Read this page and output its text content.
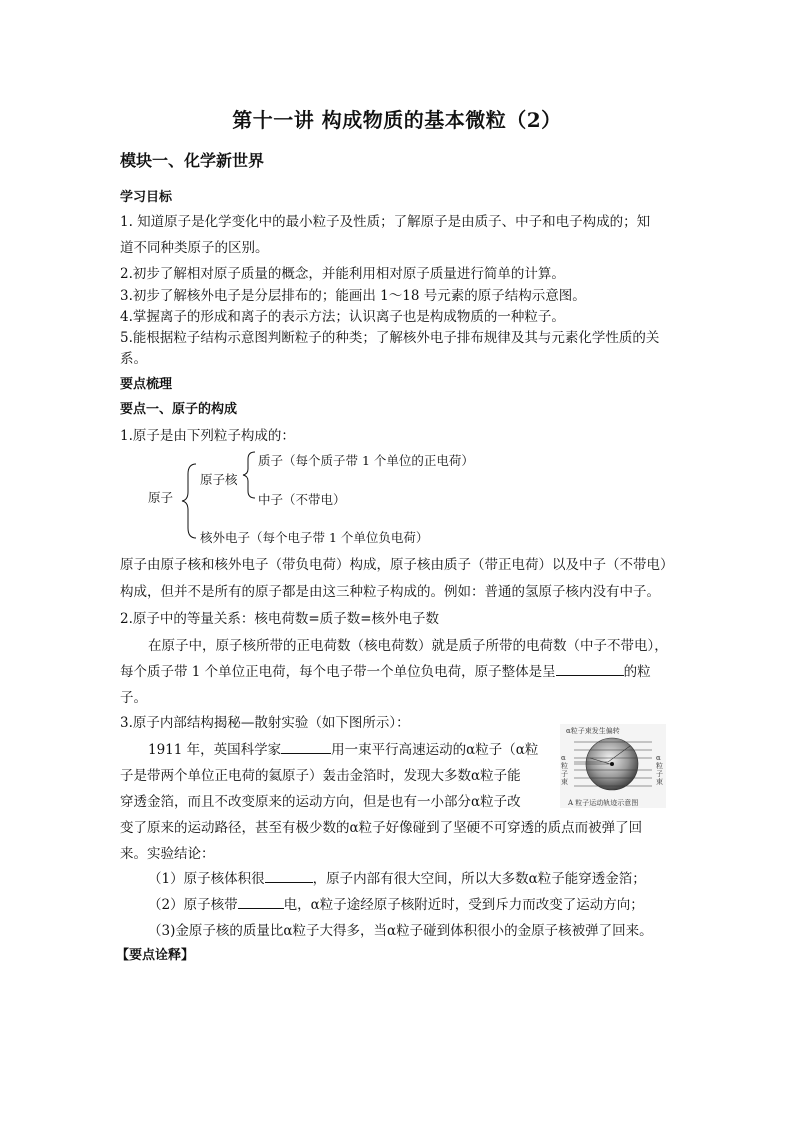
第十一讲 构成物质的基本微粒（2）
模块一、化学新世界
学习目标
1. 知道原子是化学变化中的最小粒子及性质；了解原子是由质子、中子和电子构成的；知
道不同种类原子的区别。
2.初步了解相对原子质量的概念，并能利用相对原子质量进行简单的计算。
3.初步了解核外电子是分层排布的；能画出 1～18 号元素的原子结构示意图。
4.掌握离子的形成和离子的表示方法；认识离子也是构成物质的一种粒子。
5.能根据粒子结构示意图判断粒子的种类；了解核外电子排布规律及其与元素化学性质的关
系。
要点梳理
要点一、原子的构成
1.原子是由下列粒子构成的：
原子
原子核
质子（每个质子带 1 个单位的正电荷）
中子（不带电）
核外电子（每个电子带 1 个单位负电荷）
原子由原子核和核外电子（带负电荷）构成，原子核由质子（带正电荷）以及中子（不带电）
构成，但并不是所有的原子都是由这三种粒子构成的。例如：普通的氢原子核内没有中子。
2.原子中的等量关系：核电荷数=质子数=核外电子数
在原子中，原子核所带的正电荷数（核电荷数）就是质子所带的电荷数（中子不带电），
每个质子带 1 个单位正电荷，每个电子带一个单位负电荷，原子整体是呈	的粒
子。
3.原子内部结构揭秘—散射实验（如下图所示）：
1911 年，英国科学家	用一束平行高速运动的α粒子（α粒
子是带两个单位正电荷的氦原子）轰击金箔时，发现大多数α粒子能
穿透金箔，而且不改变原来的运动方向，但是也有一小部分α粒子改
变了原来的运动路径，甚至有极少数的α粒子好像碰到了坚硬不可穿透的质点而被弹了回
来。实验结论：
（1）原子核体积很	，原子内部有很大空间，所以大多数α粒子能穿透金箔；
（2）原子核带	电，α粒子途经原子核附近时，受到斥力而改变了运动方向；
（3)金原子核的质量比α粒子大得多，当α粒子碰到体积很小的金原子核被弹了回来。
【要点诠释】
α粒子束发生偏转
α粒子束
α粒子束
A 粒子运动轨迹示意图
